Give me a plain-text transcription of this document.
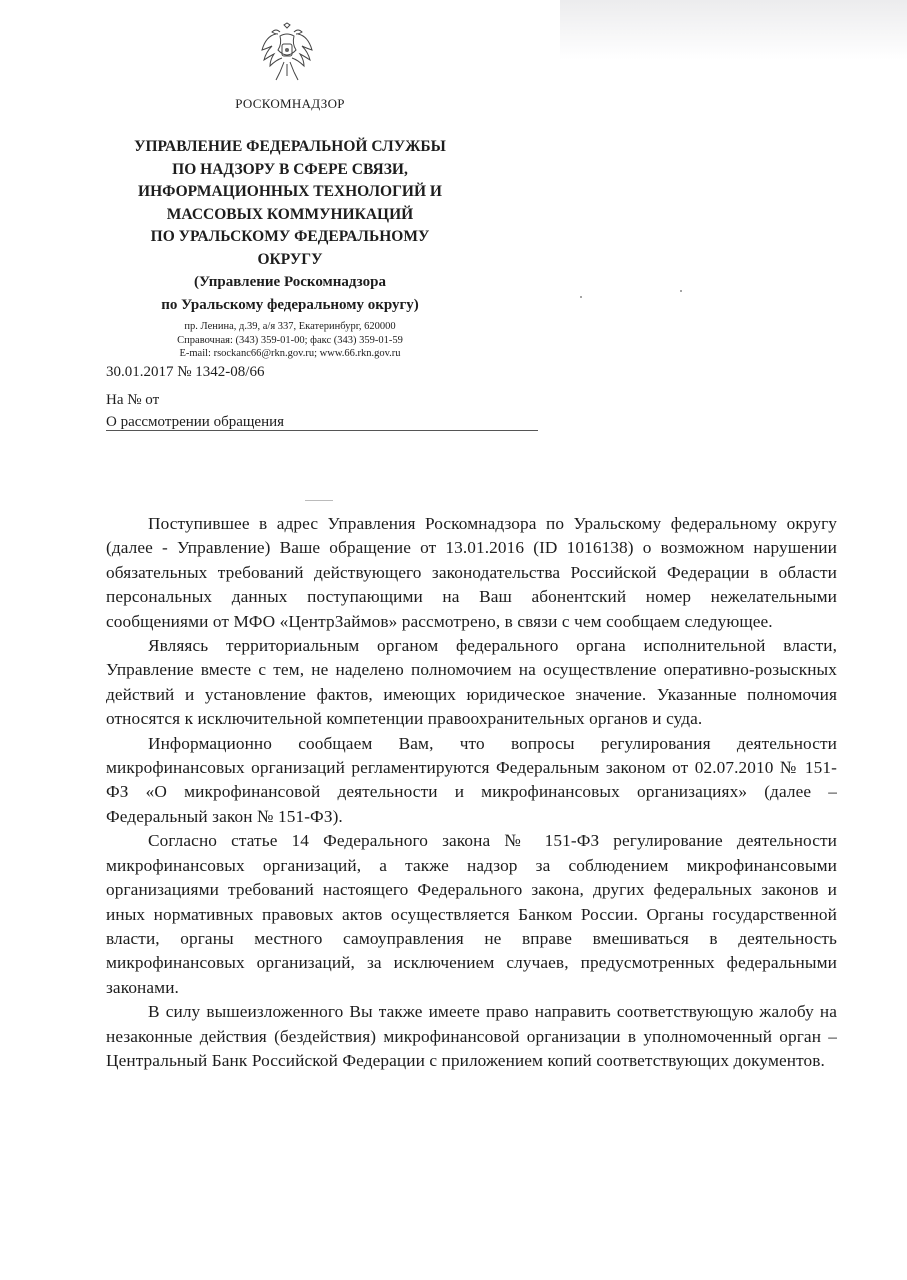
РОСКОМНАДЗОР
УПРАВЛЕНИЕ ФЕДЕРАЛЬНОЙ СЛУЖБЫ
ПО НАДЗОРУ В СФЕРЕ СВЯЗИ,
ИНФОРМАЦИОННЫХ ТЕХНОЛОГИЙ И
МАССОВЫХ КОММУНИКАЦИЙ
ПО УРАЛЬСКОМУ ФЕДЕРАЛЬНОМУ
ОКРУГУ
(Управление Роскомнадзора
по Уральскому федеральному округу)
пр. Ленина, д.39, а/я 337, Екатеринбург, 620000
Справочная: (343) 359-01-00; факс (343) 359-01-59
E-mail: rsockanc66@rkn.gov.ru; www.66.rkn.gov.ru
30.01.2017 № 1342-08/66
На № от
О рассмотрении обращения

Поступившее в адрес Управления Роскомнадзора по Уральскому федеральному округу (далее - Управление) Ваше обращение от 13.01.2016 (ID 1016138) о возможном нарушении обязательных требований действующего законодательства Российской Федерации в области персональных данных поступающими на Ваш абонентский номер нежелательными сообщениями от МФО «ЦентрЗаймов» рассмотрено, в связи с чем сообщаем следующее.

Являясь территориальным органом федерального органа исполнительной власти, Управление вместе с тем, не наделено полномочием на осуществление оперативно-розыскных действий и установление фактов, имеющих юридическое значение. Указанные полномочия относятся к исключительной компетенции правоохранительных органов и суда.

Информационно сообщаем Вам, что вопросы регулирования деятельности микрофинансовых организаций регламентируются Федеральным законом от 02.07.2010 № 151-ФЗ «О микрофинансовой деятельности и микрофинансовых организациях» (далее – Федеральный закон № 151-ФЗ).

Согласно статье 14 Федерального закона № 151-ФЗ регулирование деятельности микрофинансовых организаций, а также надзор за соблюдением микрофинансовыми организациями требований настоящего Федерального закона, других федеральных законов и иных нормативных правовых актов осуществляется Банком России. Органы государственной власти, органы местного самоуправления не вправе вмешиваться в деятельность микрофинансовых организаций, за исключением случаев, предусмотренных федеральными законами.

В силу вышеизложенного Вы также имеете право направить соответствующую жалобу на незаконные действия (бездействия) микрофинансовой организации в уполномоченный орган – Центральный Банк Российской Федерации с приложением копий соответствующих документов.
